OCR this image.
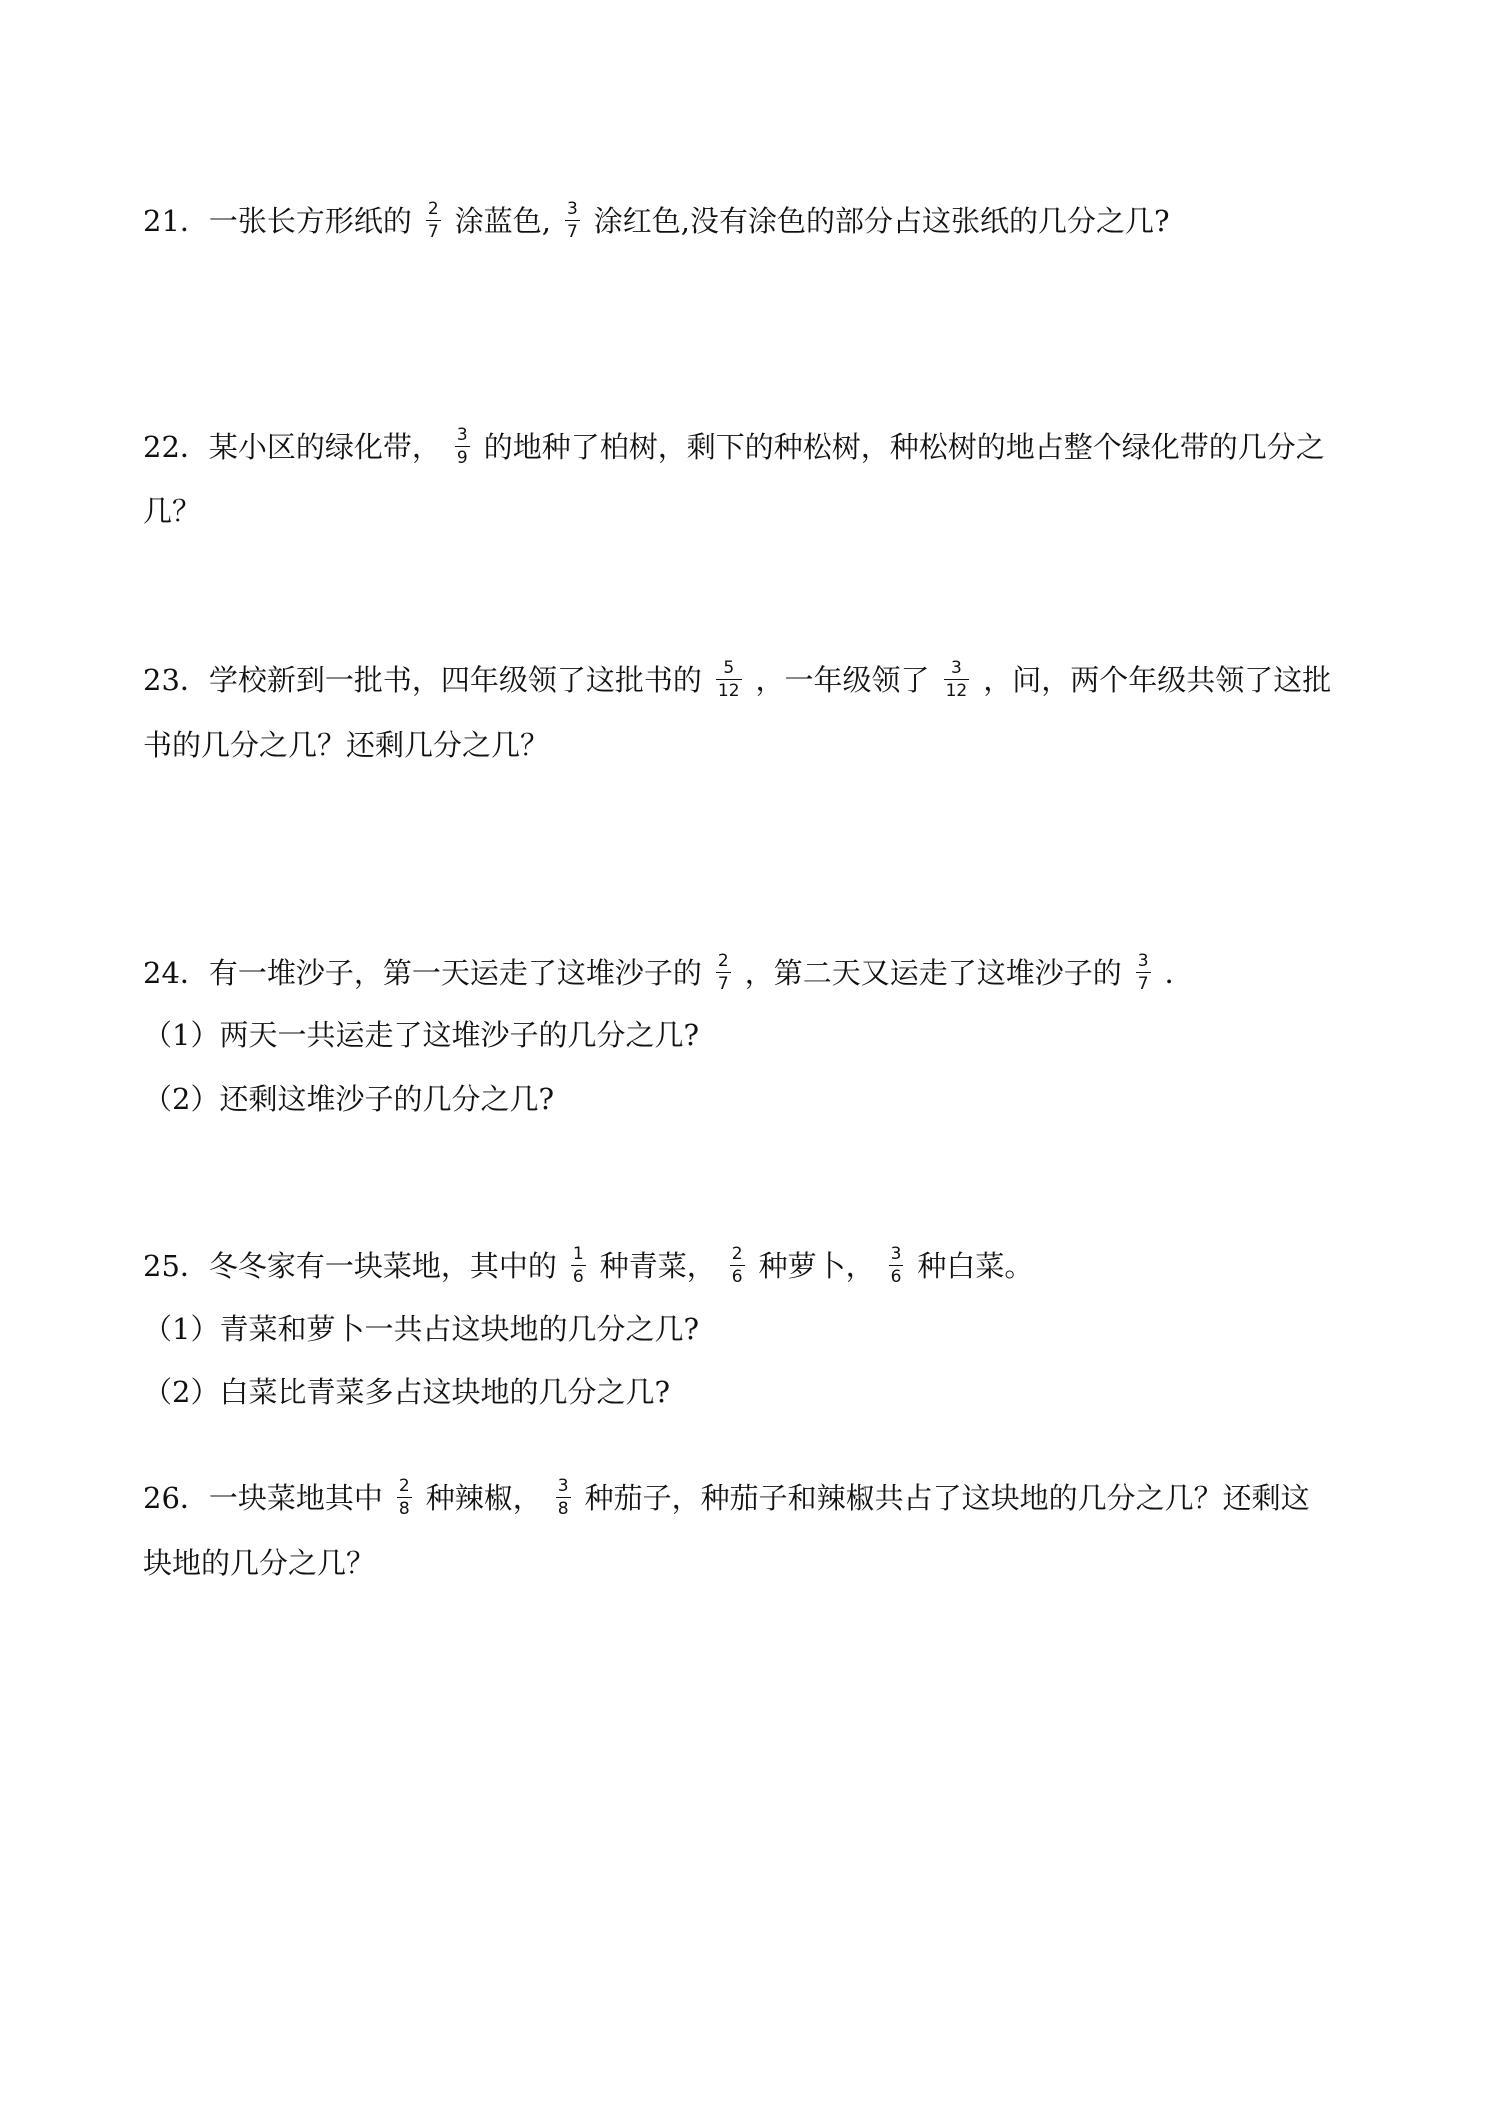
21．一张长方形纸的 $\frac{2}{7}$ 涂蓝色, $\frac{3}{7}$ 涂红色,没有涂色的部分占这张纸的几分之几?
22．某小区的绿化带， $\frac{3}{9}$ 的地种了柏树，剩下的种松树，种松树的地占整个绿化带的几分之
几？
23．学校新到一批书，四年级领了这批书的 $\frac{5}{12}$ ，一年级领了 $\frac{3}{12}$ ，问，两个年级共领了这批
书的几分之几？还剩几分之几？
24．有一堆沙子，第一天运走了这堆沙子的 $\frac{2}{7}$ ，第二天又运走了这堆沙子的 $\frac{3}{7}$ ．
（1）两天一共运走了这堆沙子的几分之几?
（2）还剩这堆沙子的几分之几?
25．冬冬家有一块菜地，其中的 $\frac{1}{6}$ 种青菜， $\frac{2}{6}$ 种萝卜， $\frac{3}{6}$ 种白菜。
（1）青菜和萝卜一共占这块地的几分之几?
（2）白菜比青菜多占这块地的几分之几?
26．一块菜地其中 $\frac{2}{8}$ 种辣椒， $\frac{3}{8}$ 种茄子，种茄子和辣椒共占了这块地的几分之几？还剩这
块地的几分之几？
